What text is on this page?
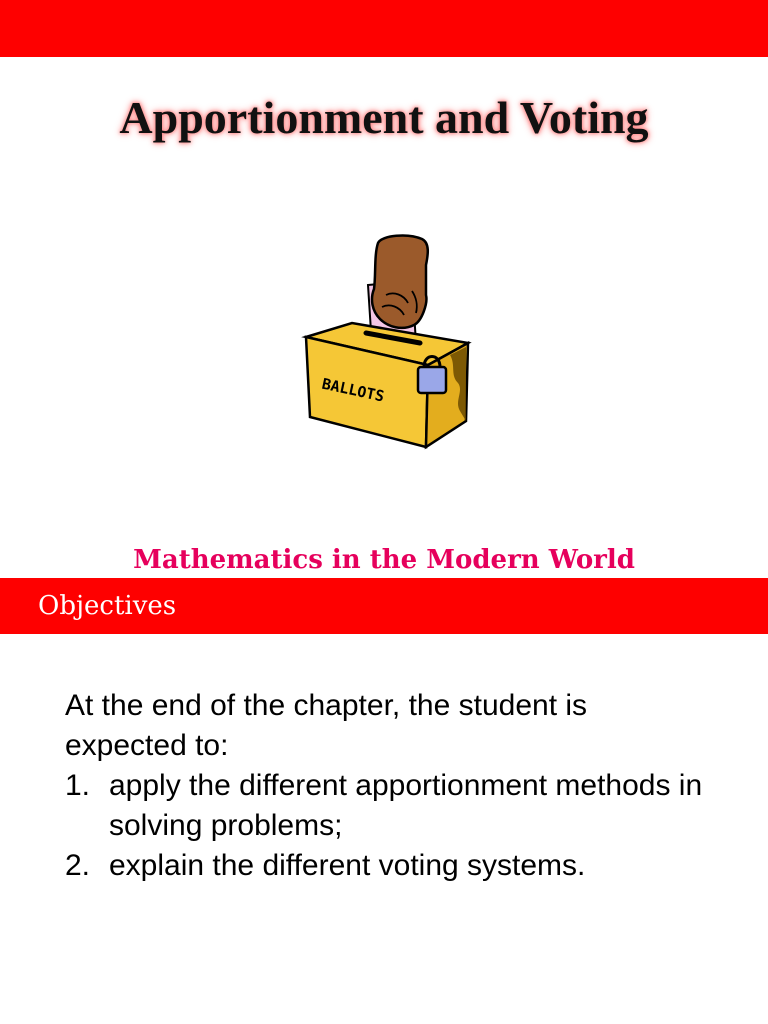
Apportionment and Voting
BALLOTS
Mathematics in the Modern World
Objectives
At the end of the chapter, the student is expected to:
1. apply the different apportionment methods in solving problems;
2. explain the different voting systems.
